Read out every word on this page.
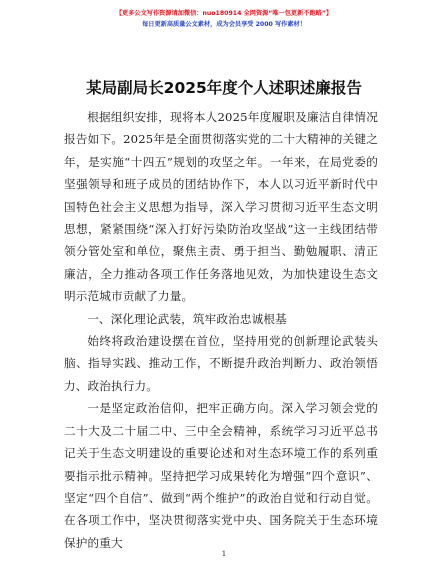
【更多公文写作资源请加微信：nuo180914 全网资源“唯一包更新不跑路”】
每日更新高质量公文素材，成为会员享受 2000 写作素材！
某局副局长2025年度个人述职述廉报告

根据组织安排，现将本人2025年度履职及廉洁自律情况报告如下。2025年是全面贯彻落实党的二十大精神的关键之年，是实施“十四五”规划的攻坚之年。一年来，在局党委的坚强领导和班子成员的团结协作下，本人以习近平新时代中国特色社会主义思想为指导，深入学习贯彻习近平生态文明思想，紧紧围绕“深入打好污染防治攻坚战”这一主线团结带领分管处室和单位，聚焦主责、勇于担当、勤勉履职、清正廉洁，全力推动各项工作任务落地见效，为加快建设生态文明示范城市贡献了力量。

一、深化理论武装，筑牢政治忠诚根基

始终将政治建设摆在首位，坚持用党的创新理论武装头脑、指导实践、推动工作，不断提升政治判断力、政治领悟力、政治执行力。

一是坚定政治信仰，把牢正确方向。深入学习领会党的二十大及二十届二中、三中全会精神，系统学习习近平总书记关于生态文明建设的重要论述和对生态环境工作的系列重要指示批示精神。坚持把学习成果转化为增强“四个意识”、坚定“四个自信”、做到“两个维护”的政治自觉和行动自觉。在各项工作中，坚决贯彻落实党中央、国务院关于生态环境保护的重大

1
